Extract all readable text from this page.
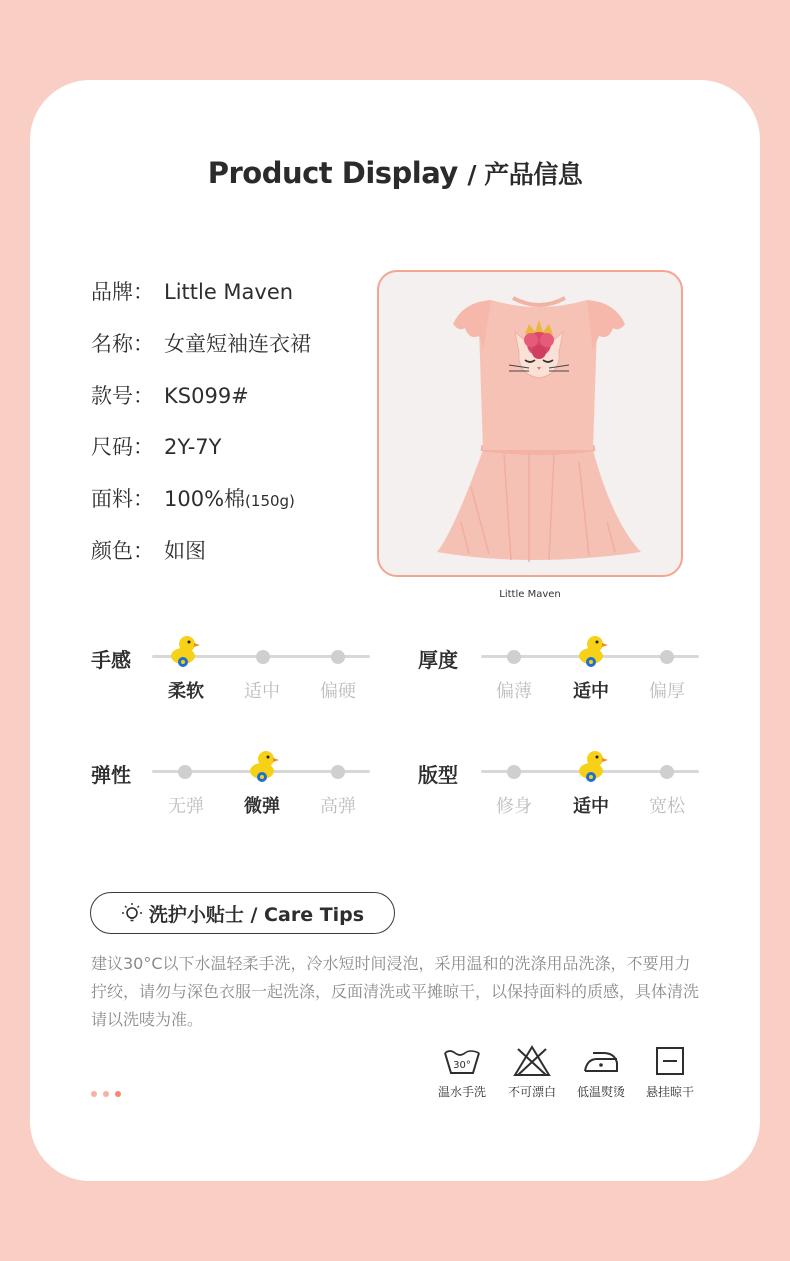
Product Display / 产品信息
品牌： Little Maven
名称： 女童短袖连衣裙
款号： KS099#
尺码： 2Y-7Y
面料： 100%棉(150g)
颜色： 如图
Little Maven
手感
柔软	适中	偏硬
厚度
偏薄	适中	偏厚
弹性
无弹	微弹	高弹
版型
修身	适中	宽松
洗护小贴士 / Care Tips
建议30°C以下水温轻柔手洗，冷水短时间浸泡，采用温和的洗涤用品洗涤，不要用力拧绞，请勿与深色衣服一起洗涤，反面清洗或平摊晾干，以保持面料的质感，具体清洗请以洗唛为准。
30°
温水手洗	不可漂白	低温熨烫	悬挂晾干
